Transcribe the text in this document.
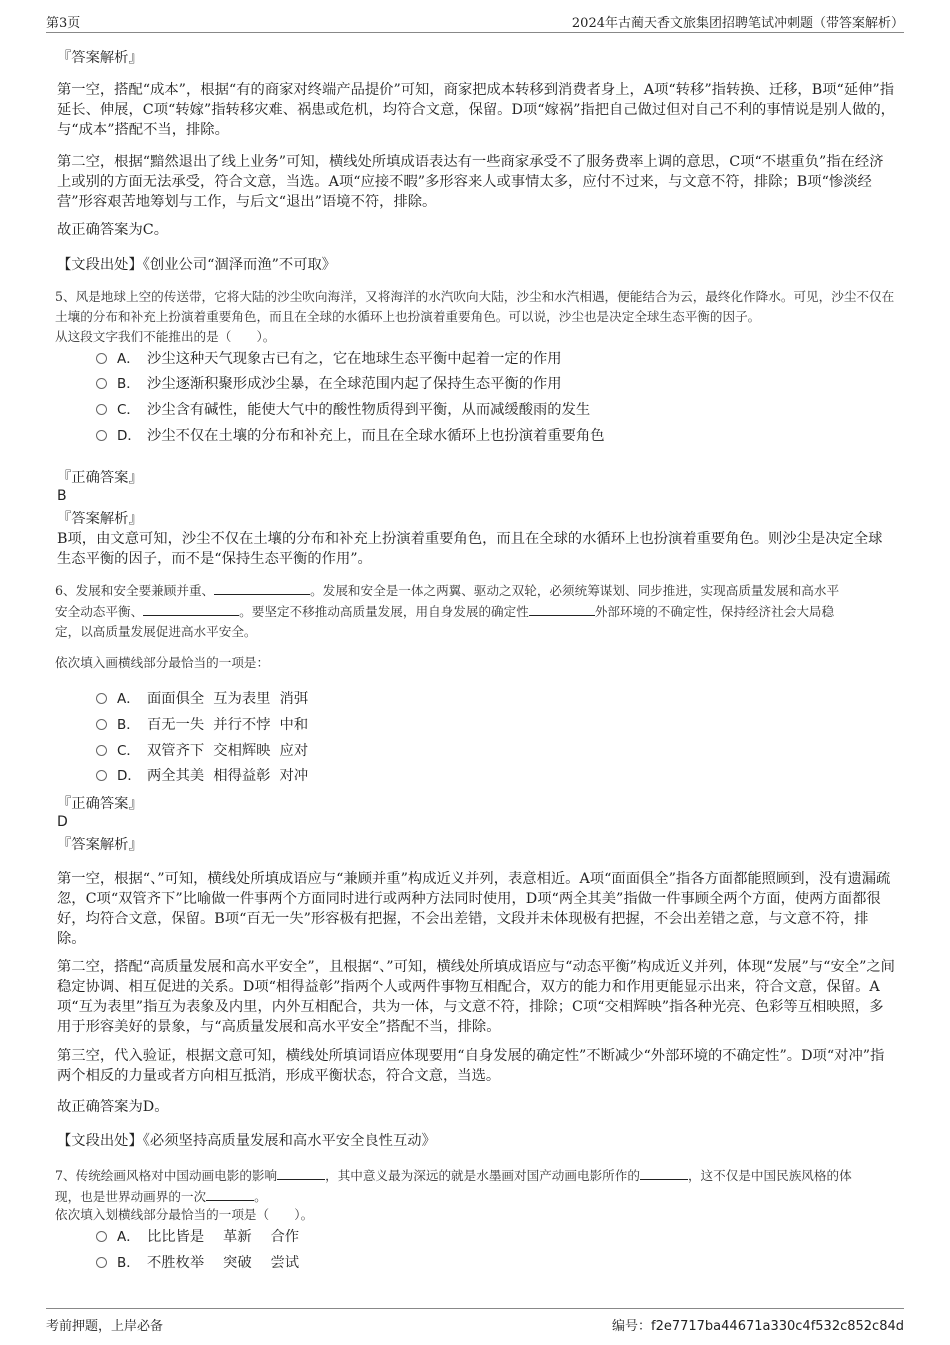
第3页	2024年古蔺天香文旅集团招聘笔试冲刺题（带答案解析）
『答案解析』
第一空，搭配“成本”，根据“有的商家对终端产品提价”可知，商家把成本转移到消费者身上，A项“转移”指转换、迁移，B项“延伸”指延长、伸展，C项“转嫁”指转移灾难、祸患或危机，均符合文意，保留。D项“嫁祸”指把自己做过但对自己不利的事情说是别人做的，与“成本”搭配不当，排除。
第二空，根据“黯然退出了线上业务”可知，横线处所填成语表达有一些商家承受不了服务费率上调的意思，C项“不堪重负”指在经济上或别的方面无法承受，符合文意，当选。A项“应接不暇”多形容来人或事情太多，应付不过来，与文意不符，排除；B项“惨淡经营”形容艰苦地筹划与工作，与后文“退出”语境不符，排除。
故正确答案为C。
【文段出处】《创业公司“涸泽而渔”不可取》
5、风是地球上空的传送带，它将大陆的沙尘吹向海洋，又将海洋的水汽吹向大陆，沙尘和水汽相遇，便能结合为云，最终化作降水。可见，沙尘不仅在土壤的分布和补充上扮演着重要角色，而且在全球的水循环上也扮演着重要角色。可以说，沙尘也是决定全球生态平衡的因子。
从这段文字我们不能推出的是（　　）。
A． 沙尘这种天气现象古已有之，它在地球生态平衡中起着一定的作用
B． 沙尘逐渐积聚形成沙尘暴，在全球范围内起了保持生态平衡的作用
C． 沙尘含有碱性，能使大气中的酸性物质得到平衡，从而减缓酸雨的发生
D． 沙尘不仅在土壤的分布和补充上，而且在全球水循环上也扮演着重要角色
『正确答案』
B
『答案解析』
B项，由文意可知，沙尘不仅在土壤的分布和补充上扮演着重要角色，而且在全球的水循环上也扮演着重要角色。则沙尘是决定全球生态平衡的因子，而不是“保持生态平衡的作用”。
6、发展和安全要兼顾并重、	。发展和安全是一体之两翼、驱动之双轮，必须统筹谋划、同步推进，实现高质量发展和高水平
安全动态平衡、	。要坚定不移推动高质量发展，用自身发展的确定性	外部环境的不确定性，保持经济社会大局稳
定，以高质量发展促进高水平安全。
依次填入画横线部分最恰当的一项是：
A． 面面俱全  互为表里  消弭
B． 百无一失  并行不悖  中和
C． 双管齐下  交相辉映  应对
D． 两全其美  相得益彰  对冲
『正确答案』
D
『答案解析』
第一空，根据“、”可知，横线处所填成语应与“兼顾并重”构成近义并列，表意相近。A项“面面俱全”指各方面都能照顾到，没有遗漏疏忽，C项“双管齐下”比喻做一件事两个方面同时进行或两种方法同时使用，D项“两全其美”指做一件事顾全两个方面，使两方面都很好，均符合文意，保留。B项“百无一失”形容极有把握，不会出差错，文段并未体现极有把握，不会出差错之意，与文意不符，排除。
第二空，搭配“高质量发展和高水平安全”，且根据“、”可知，横线处所填成语应与“动态平衡”构成近义并列，体现“发展”与“安全”之间稳定协调、相互促进的关系。D项“相得益彰”指两个人或两件事物互相配合，双方的能力和作用更能显示出来，符合文意，保留。A项“互为表里”指互为表象及内里，内外互相配合，共为一体，与文意不符，排除；C项“交相辉映”指各种光亮、色彩等互相映照，多用于形容美好的景象，与“高质量发展和高水平安全”搭配不当，排除。
第三空，代入验证，根据文意可知，横线处所填词语应体现要用“自身发展的确定性”不断减少“外部环境的不确定性”。D项“对冲”指两个相反的力量或者方向相互抵消，形成平衡状态，符合文意，当选。
故正确答案为D。
【文段出处】《必须坚持高质量发展和高水平安全良性互动》
7、传统绘画风格对中国动画电影的影响	，其中意义最为深远的就是水墨画对国产动画电影所作的	，这不仅是中国民族风格的体
现，也是世界动画界的一次	。
依次填入划横线部分最恰当的一项是（　　）。
A． 比比皆是　 革新　 合作
B． 不胜枚举　 突破　 尝试
考前押题，上岸必备	编号：f2e7717ba44671a330c4f532c852c84d
